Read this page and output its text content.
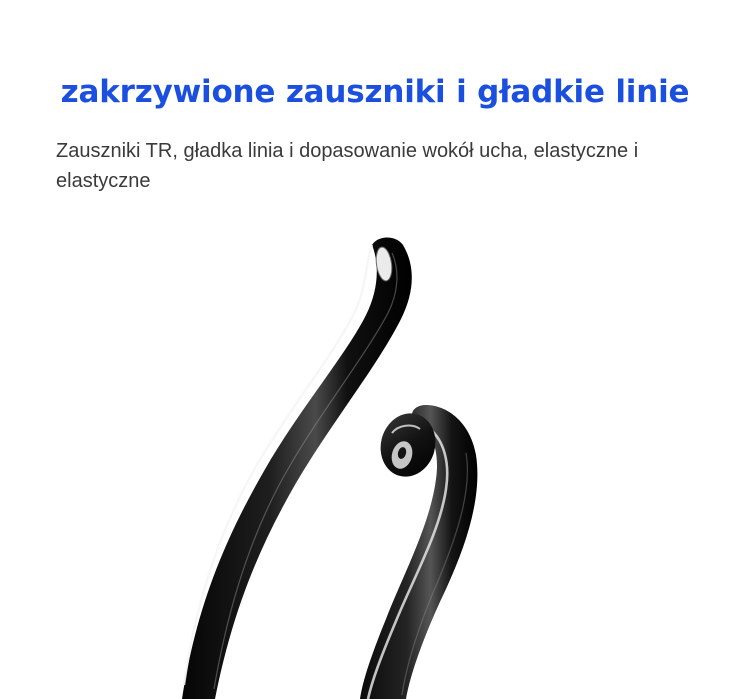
zakrzywione zauszniki i gładkie linie
Zauszniki TR, gładka linia i dopasowanie wokół ucha, elastyczne i elastyczne
